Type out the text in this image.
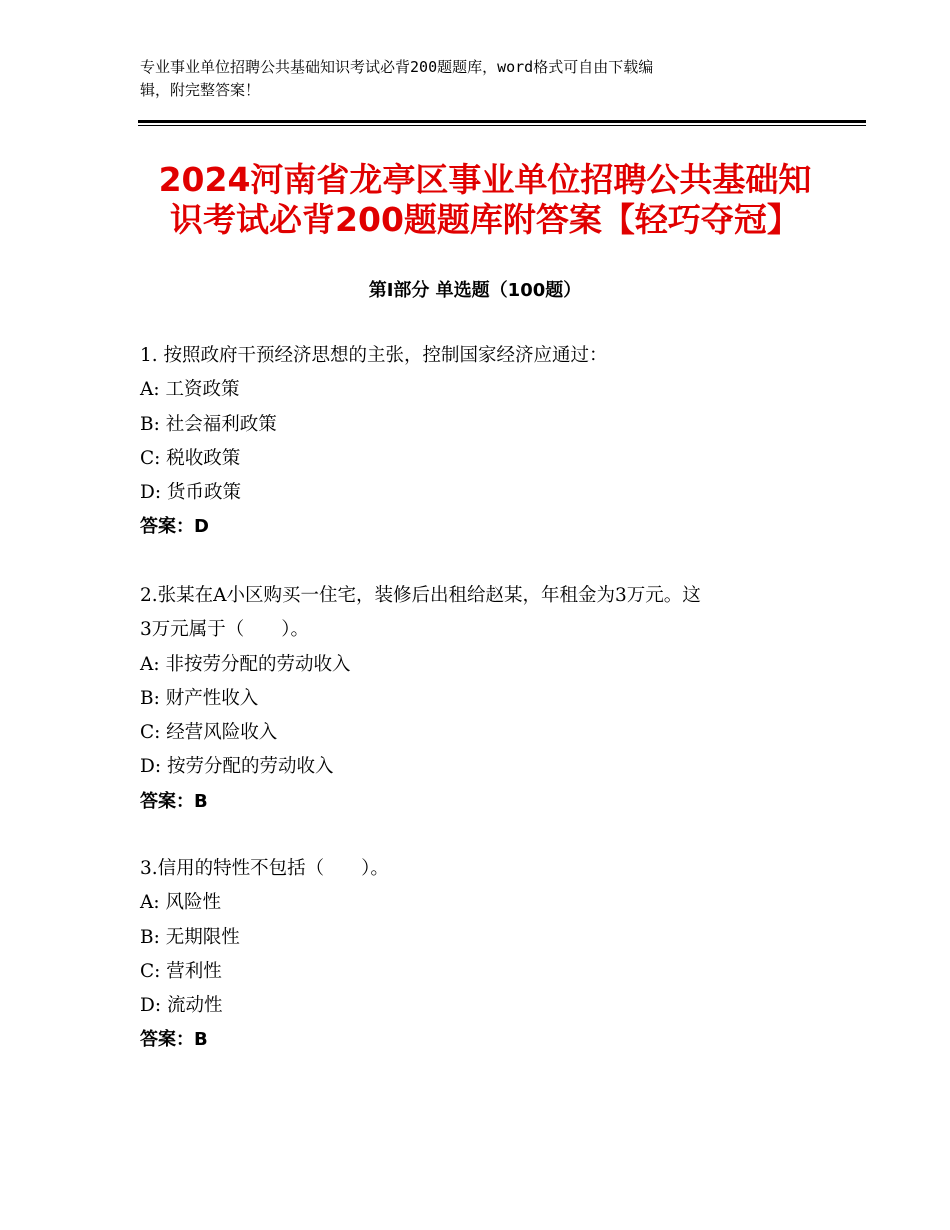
专业事业单位招聘公共基础知识考试必背200题题库，word格式可自由下载编
辑，附完整答案！
2024河南省龙亭区事业单位招聘公共基础知
识考试必背200题题库附答案【轻巧夺冠】
第Ⅰ部分 单选题（100题）
1. 按照政府干预经济思想的主张，控制国家经济应通过：
A: 工资政策
B: 社会福利政策
C: 税收政策
D: 货币政策
答案：D
2.张某在A小区购买一住宅，装修后出租给赵某，年租金为3万元。这
3万元属于（　　）。
A: 非按劳分配的劳动收入
B: 财产性收入
C: 经营风险收入
D: 按劳分配的劳动收入
答案：B
3.信用的特性不包括（　　）。
A: 风险性
B: 无期限性
C: 营利性
D: 流动性
答案：B
